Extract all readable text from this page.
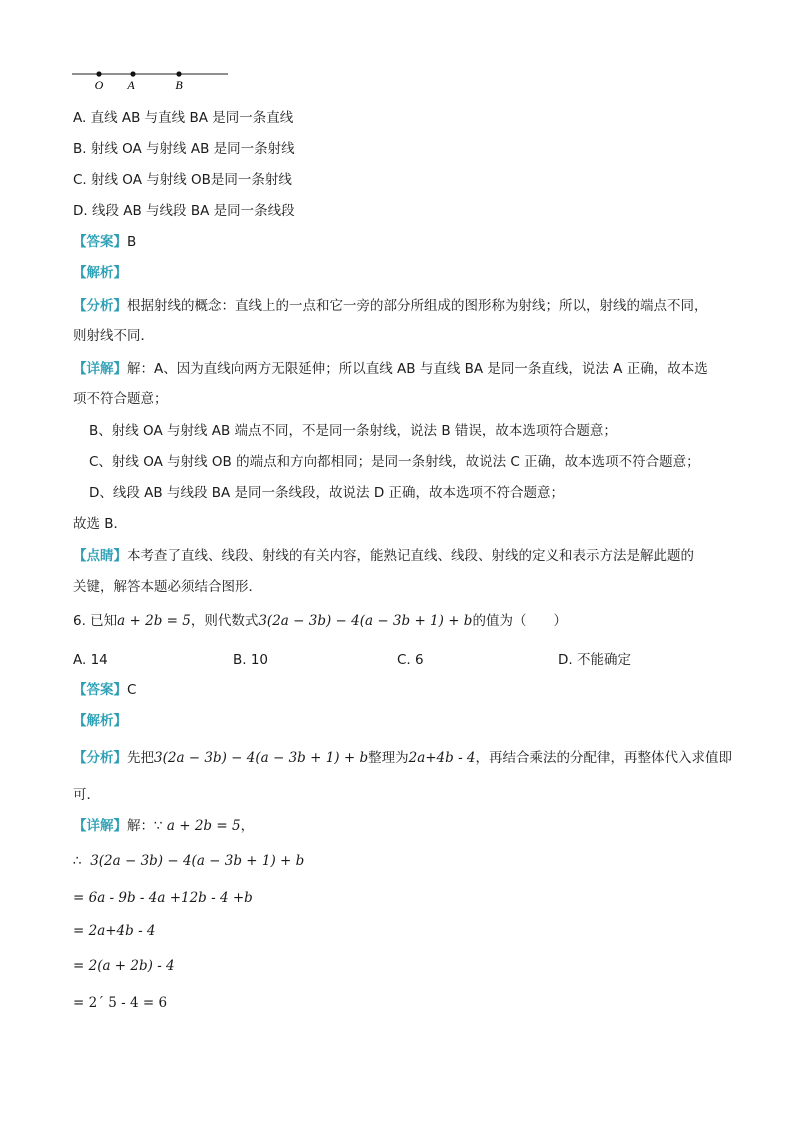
O A	B
A. 直线 AB 与直线 BA 是同一条直线
B. 射线 OA 与射线 AB 是同一条射线
C. 射线 OA 与射线 OB是同一条射线
D. 线段 AB 与线段 BA 是同一条线段
【答案】B
【解析】
【分析】根据射线的概念：直线上的一点和它一旁的部分所组成的图形称为射线；所以，射线的端点不同，
则射线不同．
【详解】解：A、因为直线向两方无限延伸；所以直线 AB 与直线 BA 是同一条直线，说法 A 正确，故本选
项不符合题意；
B、射线 OA 与射线 AB 端点不同，不是同一条射线，说法 B 错误，故本选项符合题意；
C、射线 OA 与射线 OB 的端点和方向都相同；是同一条射线，故说法 C 正确，故本选项不符合题意；
D、线段 AB 与线段 BA 是同一条线段，故说法 D 正确，故本选项不符合题意；
故选 B．
【点睛】本考查了直线、线段、射线的有关内容，能熟记直线、线段、射线的定义和表示方法是解此题的
关键，解答本题必须结合图形．
6. 已知a + 2b = 5，则代数式3(2a − 3b) − 4(a − 3b + 1) + b的值为（　　）
A. 14	B. 10	C. 6	D. 不能确定
【答案】C
【解析】
【分析】先把3(2a − 3b) − 4(a − 3b + 1) + b整理为2a+4b - 4，再结合乘法的分配律，再整体代入求值即
可．
【详解】解：∵ a + 2b = 5，
∴ 3(2a − 3b) − 4(a − 3b + 1) + b
= 6a - 9b - 4a +12b - 4 +b
= 2a+4b - 4
= 2(a + 2b) - 4
= 2´ 5 - 4 = 6
